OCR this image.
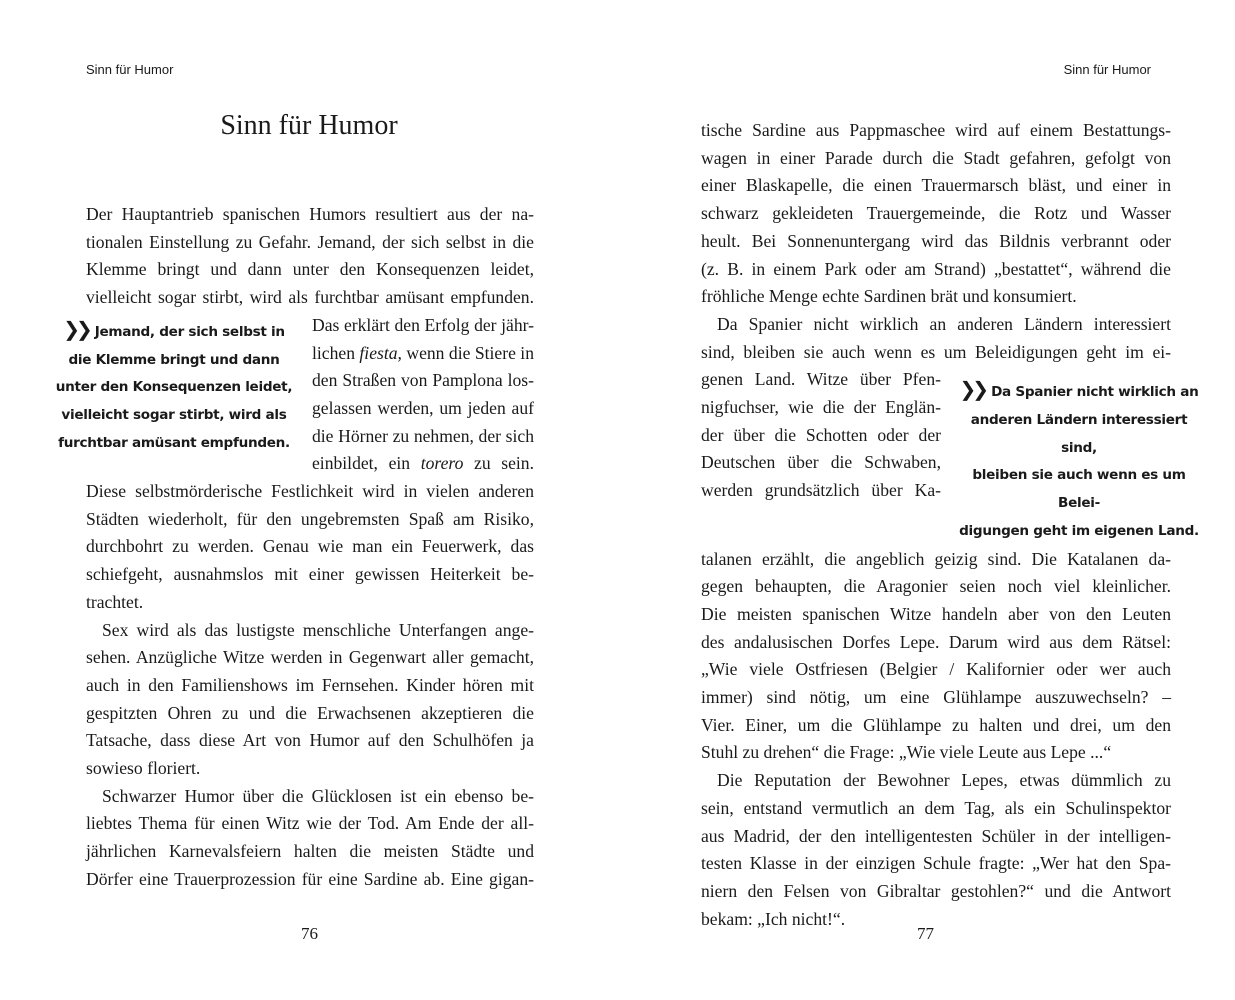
Sinn für Humor
Sinn für Humor
Der Hauptantrieb spanischen Humors resultiert aus der na-
tionalen Einstellung zu Gefahr. Jemand, der sich selbst in die
Klemme bringt und dann unter den Konsequenzen leidet,
vielleicht sogar stirbt, wird als furchtbar amüsant empfunden.
❯❯ Jemand, der sich selbst in
die Klemme bringt und dann
unter den Konsequenzen leidet,
vielleicht sogar stirbt, wird als
furchtbar amüsant empfunden.
Das erklärt den Erfolg der jähr-
lichen fiesta, wenn die Stiere in
den Straßen von Pamplona los-
gelassen werden, um jeden auf
die Hörner zu nehmen, der sich
einbildet, ein torero zu sein.
Diese selbstmörderische Festlichkeit wird in vielen anderen
Städten wiederholt, für den ungebremsten Spaß am Risiko,
durchbohrt zu werden. Genau wie man ein Feuerwerk, das
schiefgeht, ausnahmslos mit einer gewissen Heiterkeit be-
trachtet.
Sex wird als das lustigste menschliche Unterfangen ange-
sehen. Anzügliche Witze werden in Gegenwart aller gemacht,
auch in den Familienshows im Fernsehen. Kinder hören mit
gespitzten Ohren zu und die Erwachsenen akzeptieren die
Tatsache, dass diese Art von Humor auf den Schulhöfen ja
sowieso floriert.
Schwarzer Humor über die Glücklosen ist ein ebenso be-
liebtes Thema für einen Witz wie der Tod. Am Ende der all-
jährlichen Karnevalsfeiern halten die meisten Städte und
Dörfer eine Trauerprozession für eine Sardine ab. Eine gigan-
76
Sinn für Humor
tische Sardine aus Pappmaschee wird auf einem Bestattungs-
wagen in einer Parade durch die Stadt gefahren, gefolgt von
einer Blaskapelle, die einen Trauermarsch bläst, und einer in
schwarz gekleideten Trauergemeinde, die Rotz und Wasser
heult. Bei Sonnenuntergang wird das Bildnis verbrannt oder
(z. B. in einem Park oder am Strand) „bestattet“, während die
fröhliche Menge echte Sardinen brät und konsumiert.
Da Spanier nicht wirklich an anderen Ländern interessiert
sind, bleiben sie auch wenn es um Beleidigungen geht im ei-
genen Land. Witze über Pfen-
nigfuchser, wie die der Englän-
der über die Schotten oder der
Deutschen über die Schwaben,
werden grundsätzlich über Ka-
❯❯ Da Spanier nicht wirklich an
anderen Ländern interessiert sind,
bleiben sie auch wenn es um Belei-
digungen geht im eigenen Land.
talanen erzählt, die angeblich geizig sind. Die Katalanen da-
gegen behaupten, die Aragonier seien noch viel kleinlicher.
Die meisten spanischen Witze handeln aber von den Leuten
des andalusischen Dorfes Lepe. Darum wird aus dem Rätsel:
„Wie viele Ostfriesen (Belgier / Kalifornier oder wer auch
immer) sind nötig, um eine Glühlampe auszuwechseln? –
Vier. Einer, um die Glühlampe zu halten und drei, um den
Stuhl zu drehen“ die Frage: „Wie viele Leute aus Lepe ...“
Die Reputation der Bewohner Lepes, etwas dümmlich zu
sein, entstand vermutlich an dem Tag, als ein Schulinspektor
aus Madrid, der den intelligentesten Schüler in der intelligen-
testen Klasse in der einzigen Schule fragte: „Wer hat den Spa-
niern den Felsen von Gibraltar gestohlen?“ und die Antwort
bekam: „Ich nicht!“.
77
